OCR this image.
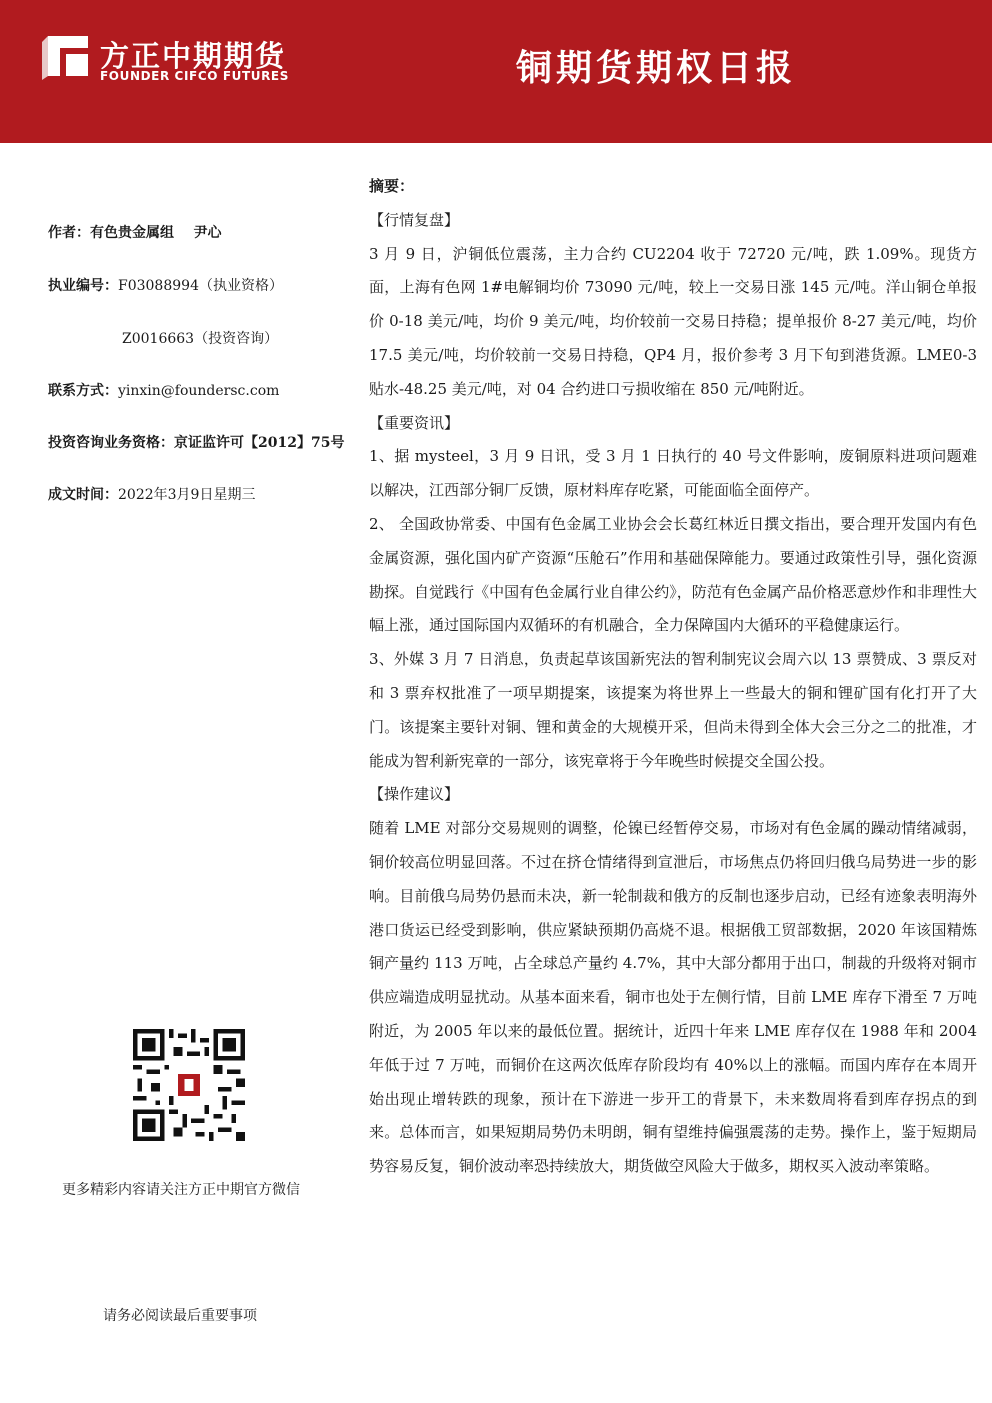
方正中期期货
FOUNDER CIFCO FUTURES	铜期货期权日报
作者：有色贵金属组    尹心
执业编号：F03088994（执业资格）
Z0016663（投资咨询）
联系方式：yinxin@foundersc.com
投资咨询业务资格：京证监许可【2012】75号
成文时间：2022年3月9日星期三
更多精彩内容请关注方正中期官方微信
请务必阅读最后重要事项

摘要：

【行情复盘】

3 月 9 日，沪铜低位震荡，主力合约 CU2204 收于 72720 元/吨，跌 1.09%。现货方面，上海有色网 1#电解铜均价 73090 元/吨，较上一交易日涨 145 元/吨。洋山铜仓单报价 0-18 美元/吨，均价 9 美元/吨，均价较前一交易日持稳；提单报价 8-27 美元/吨，均价 17.5 美元/吨，均价较前一交易日持稳，QP4 月，报价参考 3 月下旬到港货源。LME0-3 贴水-48.25 美元/吨，对 04 合约进口亏损收缩在 850 元/吨附近。

【重要资讯】

1、据 mysteel，3 月 9 日讯，受 3 月 1 日执行的 40 号文件影响，废铜原料进项问题难以解决，江西部分铜厂反馈，原材料库存吃紧，可能面临全面停产。

2、 全国政协常委、中国有色金属工业协会会长葛红林近日撰文指出，要合理开发国内有色金属资源，强化国内矿产资源“压舱石”作用和基础保障能力。要通过政策性引导，强化资源勘探。自觉践行《中国有色金属行业自律公约》，防范有色金属产品价格恶意炒作和非理性大幅上涨，通过国际国内双循环的有机融合，全力保障国内大循环的平稳健康运行。

3、外媒 3 月 7 日消息，负责起草该国新宪法的智利制宪议会周六以 13 票赞成、3 票反对和 3 票弃权批准了一项早期提案，该提案为将世界上一些最大的铜和锂矿国有化打开了大门。该提案主要针对铜、锂和黄金的大规模开采，但尚未得到全体大会三分之二的批准，才能成为智利新宪章的一部分，该宪章将于今年晚些时候提交全国公投。

【操作建议】

随着 LME 对部分交易规则的调整，伦镍已经暂停交易，市场对有色金属的躁动情绪减弱，铜价较高位明显回落。不过在挤仓情绪得到宣泄后，市场焦点仍将回归俄乌局势进一步的影响。目前俄乌局势仍悬而未决，新一轮制裁和俄方的反制也逐步启动，已经有迹象表明海外港口货运已经受到影响，供应紧缺预期仍高烧不退。根据俄工贸部数据，2020 年该国精炼铜产量约 113 万吨，占全球总产量约 4.7%，其中大部分都用于出口，制裁的升级将对铜市供应端造成明显扰动。从基本面来看，铜市也处于左侧行情，目前 LME 库存下滑至 7 万吨附近，为 2005 年以来的最低位置。据统计，近四十年来 LME 库存仅在 1988 年和 2004 年低于过 7 万吨，而铜价在这两次低库存阶段均有 40%以上的涨幅。而国内库存在本周开始出现止增转跌的现象，预计在下游进一步开工的背景下，未来数周将看到库存拐点的到来。总体而言，如果短期局势仍未明朗，铜有望维持偏强震荡的走势。操作上，鉴于短期局势容易反复，铜价波动率恐持续放大，期货做空风险大于做多，期权买入波动率策略。
